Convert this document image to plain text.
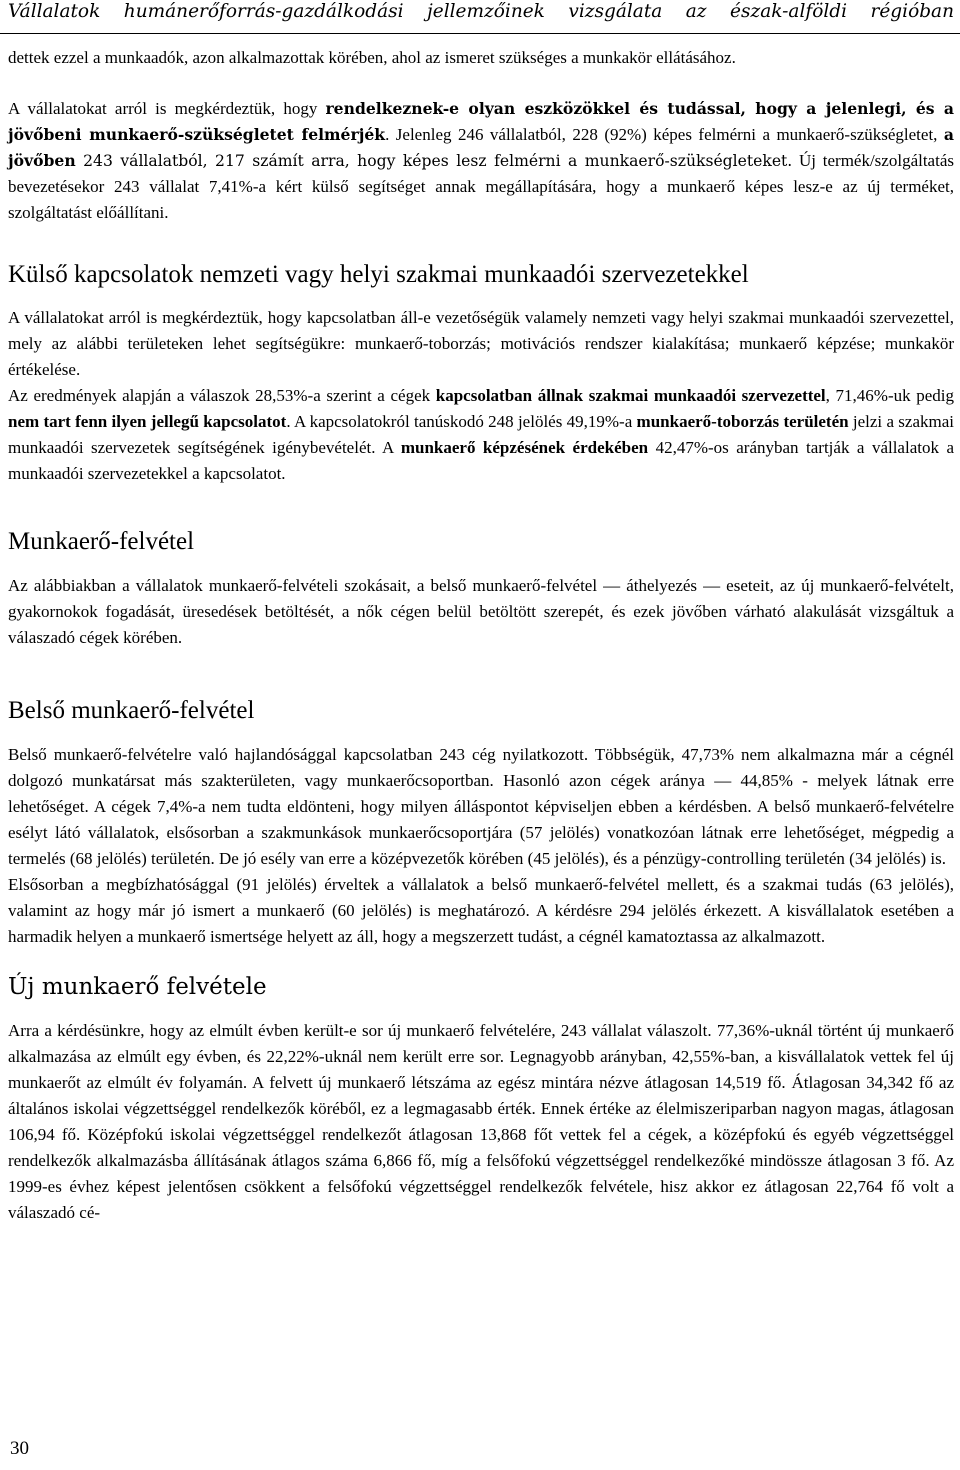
Vállalatok humánerőforrás-gazdálkodási jellemzőinek vizsgálata az észak-alföldi régióban

dettek ezzel a munkaadók, azon alkalmazottak körében, ahol az ismeret szükséges a munkakör ellátásához.

A vállalatokat arról is megkérdeztük, hogy rendelkeznek-e olyan eszközökkel és tudással, hogy a jelenlegi, és a jövőbeni munkaerő-szükségletet felmérjék. Jelenleg 246 vállalatból, 228 (92%) képes felmérni a munkaerő-szükségletet, a jövőben 243 vállalatból, 217 számít arra, hogy képes lesz felmérni a munkaerő-szükségleteket. Új termék/szolgáltatás bevezetésekor 243 vállalat 7,41%-a kért külső segítséget annak megállapítására, hogy a munkaerő képes lesz-e az új terméket, szolgáltatást előállítani.

Külső kapcsolatok nemzeti vagy helyi szakmai munkaadói szervezetekkel

A vállalatokat arról is megkérdeztük, hogy kapcsolatban áll-e vezetőségük valamely nemzeti vagy helyi szakmai munkaadói szervezettel, mely az alábbi területeken lehet segítségükre: munkaerő-toborzás; motivációs rendszer kialakítása; munkaerő képzése; munkakör értékelése.

Az eredmények alapján a válaszok 28,53%-a szerint a cégek kapcsolatban állnak szakmai munkaadói szervezettel, 71,46%-uk pedig nem tart fenn ilyen jellegű kapcsolatot. A kapcsolatokról tanúskodó 248 jelölés 49,19%-a munkaerő-toborzás területén jelzi a szakmai munkaadói szervezetek segítségének igénybevételét. A munkaerő képzésének érdekében 42,47%-os arányban tartják a vállalatok a munkaadói szervezetekkel a kapcsolatot.

Munkaerő-felvétel

Az alábbiakban a vállalatok munkaerő-felvételi szokásait, a belső munkaerő-felvétel ― áthelyezés ― eseteit, az új munkaerő-felvételt, gyakornokok fogadását, üresedések betöltését, a nők cégen belül betöltött szerepét, és ezek jövőben várható alakulását vizsgáltuk a válaszadó cégek körében.

Belső munkaerő-felvétel

Belső munkaerő-felvételre való hajlandósággal kapcsolatban 243 cég nyilatkozott. Többségük, 47,73% nem alkalmazna már a cégnél dolgozó munkatársat más szakterületen, vagy munkaerőcsoportban. Hasonló azon cégek aránya ― 44,85% - melyek látnak erre lehetőséget. A cégek 7,4%-a nem tudta eldönteni, hogy milyen álláspontot képviseljen ebben a kérdésben. A belső munkaerő-felvételre esélyt látó vállalatok, elsősorban a szakmunkások munkaerőcsoportjára (57 jelölés) vonatkozóan látnak erre lehetőséget, mégpedig a termelés (68 jelölés) területén. De jó esély van erre a középvezetők körében (45 jelölés), és a pénzügy-controlling területén (34 jelölés) is.

Elsősorban a megbízhatósággal (91 jelölés) érveltek a vállalatok a belső munkaerő-felvétel mellett, és a szakmai tudás (63 jelölés), valamint az hogy már jó ismert a munkaerő (60 jelölés) is meghatározó. A kérdésre 294 jelölés érkezett. A kisvállalatok esetében a harmadik helyen a munkaerő ismertsége helyett az áll, hogy a megszerzett tudást, a cégnél kamatoztassa az alkalmazott.

Új munkaerő felvétele

Arra a kérdésünkre, hogy az elmúlt évben került-e sor új munkaerő felvételére, 243 vállalat válaszolt. 77,36%-uknál történt új munkaerő alkalmazása az elmúlt egy évben, és 22,22%-uknál nem került erre sor. Legnagyobb arányban, 42,55%-ban, a kisvállalatok vettek fel új munkaerőt az elmúlt év folyamán. A felvett új munkaerő létszáma az egész mintára nézve átlagosan 14,519 fő. Átlagosan 34,342 fő az általános iskolai végzettséggel rendelkezők köréből, ez a legmagasabb érték. Ennek értéke az élelmiszeriparban nagyon magas, átlagosan 106,94 fő. Középfokú iskolai végzettséggel rendelkezőt átlagosan 13,868 főt vettek fel a cégek, a középfokú és egyéb végzettséggel rendelkezők alkalmazásba állításának átlagos száma 6,866 fő, míg a felsőfokú végzettséggel rendelkezőké mindössze átlagosan 3 fő. Az 1999-es évhez képest jelentősen csökkent a felsőfokú végzettséggel rendelkezők felvétele, hisz akkor ez átlagosan 22,764 fő volt a válaszadó cé-

30
